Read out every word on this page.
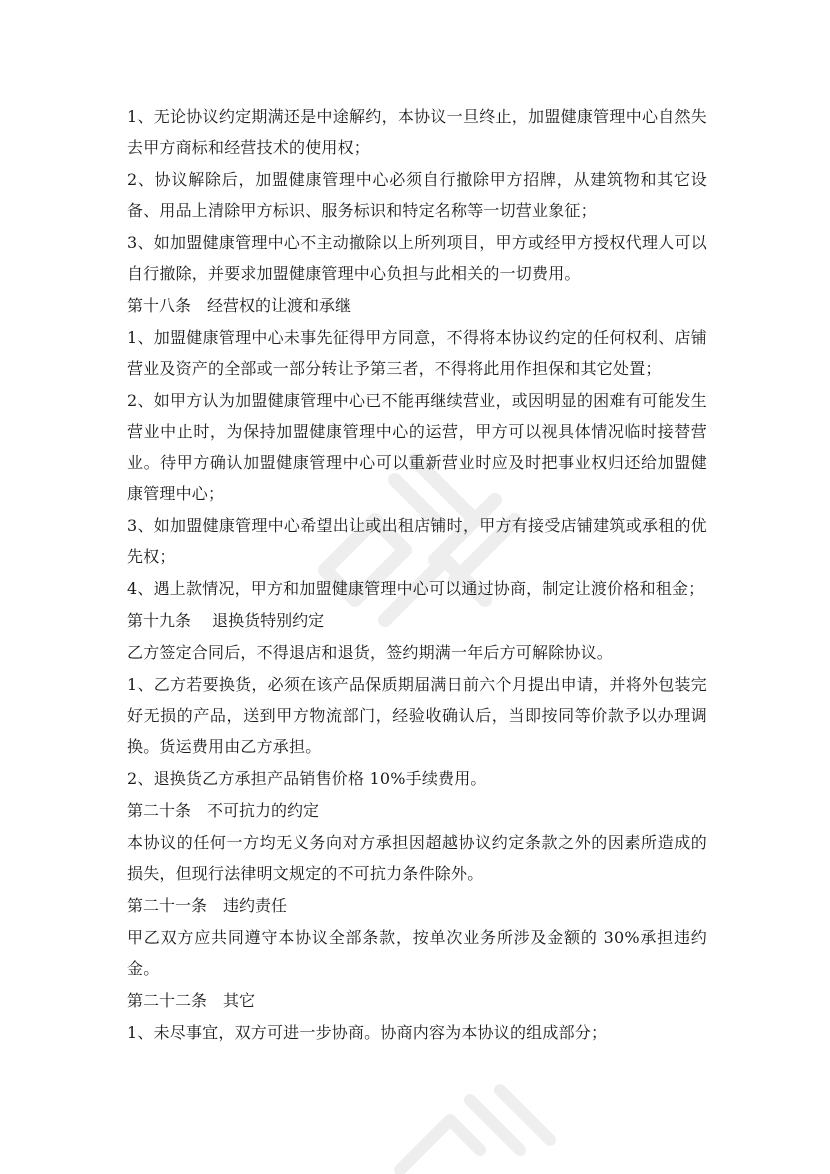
1、无论协议约定期满还是中途解约，本协议一旦终止，加盟健康管理中心自然失去甲方商标和经营技术的使用权；

2、协议解除后，加盟健康管理中心必须自行撤除甲方招牌，从建筑物和其它设备、用品上清除甲方标识、服务标识和特定名称等一切营业象征；

3、如加盟健康管理中心不主动撤除以上所列项目，甲方或经甲方授权代理人可以自行撤除，并要求加盟健康管理中心负担与此相关的一切费用。

第十八条　经营权的让渡和承继

1、加盟健康管理中心未事先征得甲方同意，不得将本协议约定的任何权利、店铺营业及资产的全部或一部分转让予第三者，不得将此用作担保和其它处置；

2、如甲方认为加盟健康管理中心已不能再继续营业，或因明显的困难有可能发生营业中止时，为保持加盟健康管理中心的运营，甲方可以视具体情况临时接替营业。待甲方确认加盟健康管理中心可以重新营业时应及时把事业权归还给加盟健康管理中心；

3、如加盟健康管理中心希望出让或出租店铺时，甲方有接受店铺建筑或承租的优先权；

4、遇上款情况，甲方和加盟健康管理中心可以通过协商，制定让渡价格和租金；

第十九条　 退换货特别约定

乙方签定合同后，不得退店和退货，签约期满一年后方可解除协议。

1、乙方若要换货，必须在该产品保质期届满日前六个月提出申请，并将外包装完好无损的产品，送到甲方物流部门，经验收确认后，当即按同等价款予以办理调换。货运费用由乙方承担。

2、退换货乙方承担产品销售价格 10%手续费用。

第二十条　不可抗力的约定

本协议的任何一方均无义务向对方承担因超越协议约定条款之外的因素所造成的损失，但现行法律明文规定的不可抗力条件除外。

第二十一条　违约责任

甲乙双方应共同遵守本协议全部条款，按单次业务所涉及金额的 30%承担违约金。

第二十二条　其它

1、未尽事宜，双方可进一步协商。协商内容为本协议的组成部分；
